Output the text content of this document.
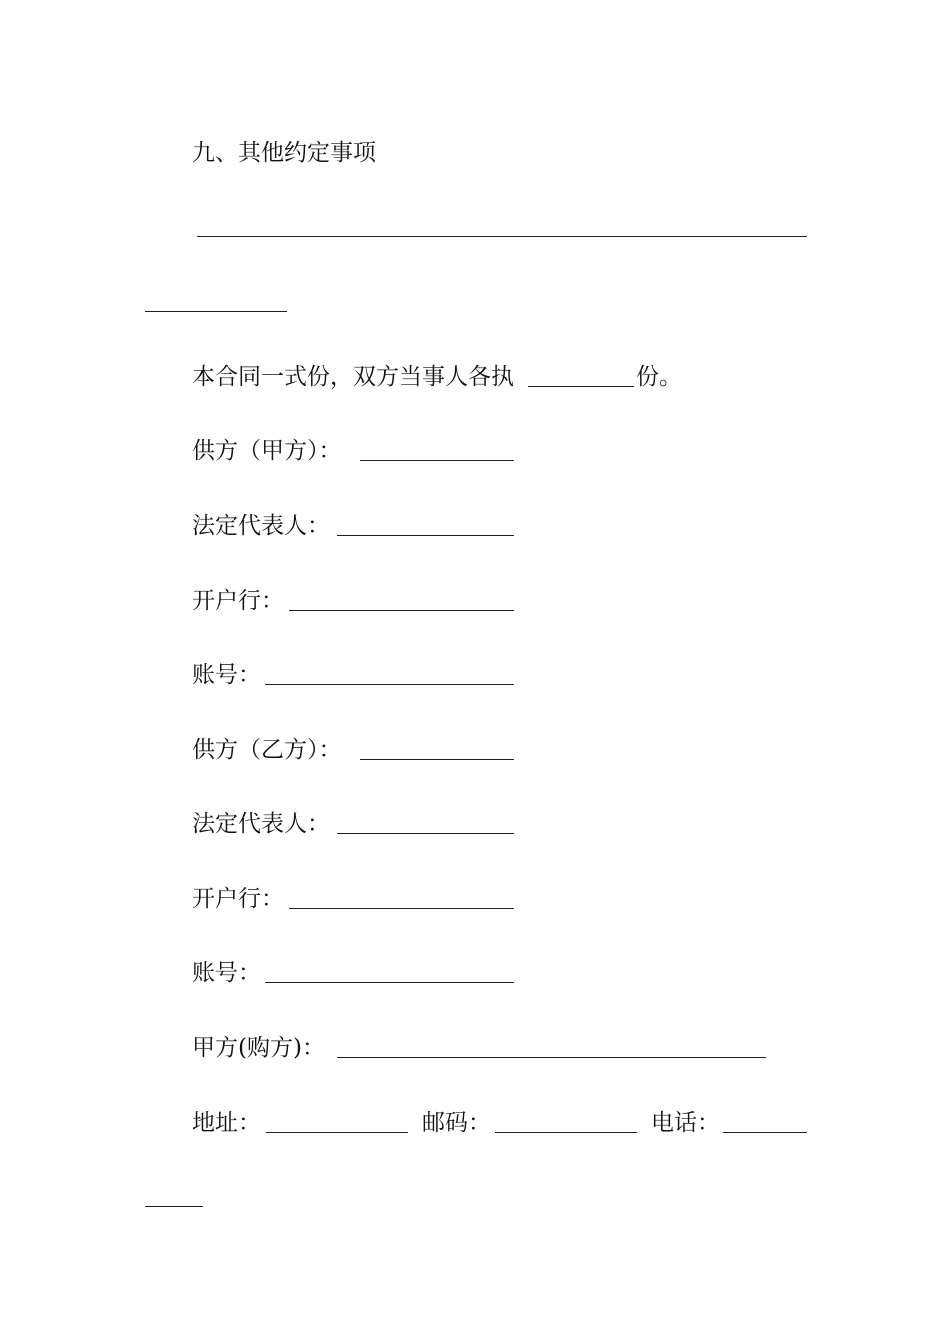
九、其他约定事项
本合同一式份，双方当事人各执	份。
供方（甲方）：
法定代表人：
开户行：
账号：
供方（乙方）：
法定代表人：
开户行：
账号：
甲方(购方)：
地址：	邮码：	电话：
